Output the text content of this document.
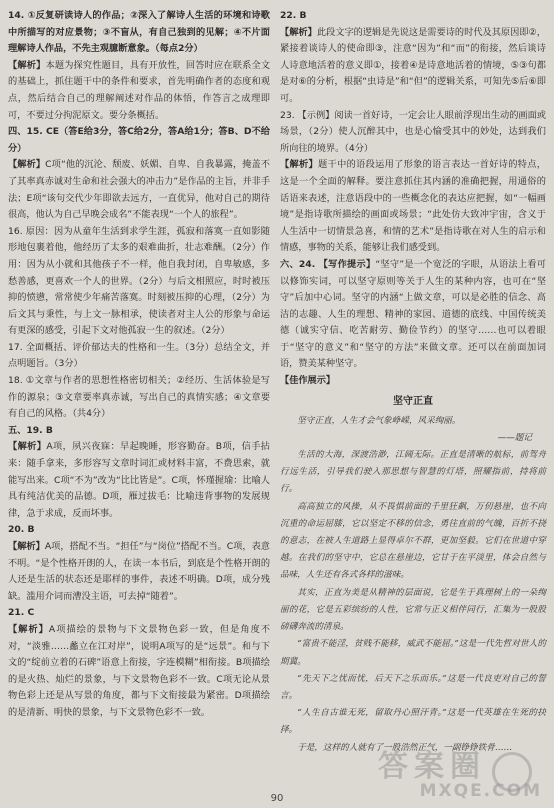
14. ①反复研读诗人的作品；②深入了解诗人生活的环境和诗歌中所描写的对应景物；③不盲从，有自己独到的见解；④不片面理解诗人作品，不先主观臆断意象。（每点2分）

【解析】本题为探究性题目，具有开放性，回答时应在联系全文的基础上，抓住题干中的条件和要求，首先明确作者的态度和观点，然后结合自己的理解阐述对作品的体悟，作答言之成理即可，不要过分拘泥原文。要分条概括。

四、15. CE（答E给3分，答C给2分，答A给1分；答B、D不给分）

【解析】C项“他的沉沦、颓废、妖媚、自卑、自我暴露，掩盖不了其率真赤诚对生命和社会强大的冲击力”是作品的主旨，并非手法；E项“该句交代少年即欲去远方，一直优异，他对自己的期待很高，他认为自己早晚会成名”不能表现“一个人的旅程”。

16. 原因：因为从童年生活到求学生涯，孤寂和落寞一直如影随形地包裹着他，他经历了太多的艰难曲折，壮志难酬。（2分）作用：因为从小就和其他孩子不一样，他自我封闭，自卑敏感，多愁善感，更喜欢一个人的世界。（2分）与后文相照应，时时被压抑的愤懑，常常使少年痛苦落寞。时刻被压抑的心理，（2分）为后文其与秉性，与上文一脉相承，使读者对主人公的形象与命运有更深的感受，引起下文对他孤寂一生的叙述。（2分）

17. 全面概括、评价郁达夫的性格和一生。（3分）总结全文，并点明题旨。（3分）

18. ①文章与作者的思想性格密切相关；②经历、生活体验是写作的源泉；③文章要率真赤诚，写出自己的真情实感；④文章要有自己的风格。（共4分）

五、19. B

【解析】A项，夙兴夜寐：早起晚睡，形容勤奋。B项，信手拈来：随手拿来，多形容写文章时词汇或材料丰富，不费思索，就能写出来。C项“不为”改为“比比皆是”。C项，怀瑾握瑜：比喻人具有纯洁优美的品德。D项，雁过拔毛：比喻违背事物的发展规律，急于求成，反而坏事。

20. B

【解析】A项，搭配不当。“担任”与“岗位”搭配不当。C项，表意不明。“是个性格开朗的人，在读一本书后，到底是个性格开朗的人还是生活的状态还是耶样的事件，表述不明确。D项，成分残缺。滥用介词而漕没主语，可去掉“随着”。

21. C

【解析】A项描绘的景物与下文景物色彩一致，但是角度不对，“淡雅……蠡立在江对岸”，说明A项写的是“远景”。和与下文的“绽前立着的石碑”语意上衔接，字连模糊”相衔接。B项描绘的是火热、灿烂的景象，与下文景物色彩不一致。C项无论从景物色彩上还是从写景的角度，都与下文衔接最为紧密。D项描绘的是清新、明快的景象，与下文景物色彩不一致。

22. B

【解析】此段文字的逻辑是先说这是需要诗的时代及其原因即②，紧接着谈诗人的使命即③，注意“因为”和“而”的衔接，然后谈诗人诗意地活着的意义即①，接着④是诗意地活着的情境，⑤③句都是对⑥的分析，根据“虫诗是”和“但”的逻辑关系，可知先⑤后⑥即可。

23. 【示例】阅读一首好诗，一定会让人眼前浮现出生动的画面或场景，（2分）使人沉醉其中，也是心愉受其中的妙处，达到我们所向往的境界。（4分）

【解析】题干中的语段运用了形象的语言表达一首好诗的特点，这是一个全面的解释。要注意抓住其内涵的准确把握，用通俗的话语来表述，注意语段中的一些概念化的表达应把握，如“一幅画境”是指诗歌所描绘的画面或场景；“此处仿大致冲宇宙，含义于人生活中一切情景急喜，和情的艺术”是指诗歌在对人生的启示和情感，事物的关系，能够让我们感受到。

六、24. 【写作提示】“坚守”是一个宽泛的字眼，从语法上看可以修饰实词，可以坚守原则等关于人生的某种内容，也可在“坚守”后加中心词。坚守的内涵“上做文章，可以是必胜的信念、高洁的志趣、人生的理想、精神的家园、道德的底线、中国传统美德（诚实守信、吃苦耐劳、勤俭节约）的坚守……也可以着眼于“坚守的意义”和“坚守的方法”来做文章。还可以在前面加词语，赞美某种坚守。

【佳作展示】

坚守正直

坚守正直，人生才会气象峥嵘，风采绚丽。

——题记

生活的大海，深渡浩渺，江阔无际。正直是清晰的航标，前驾舟行远生活，引导我们驶入那思想与智慧的灯塔，照耀指前，持将前行。

高高独立的风操，从不畏惧前面的千里狂飙，万仞悬崖，也不向沉重的命运屈膝，它以坚定不移的信念，勇往直前的气魄，百折不挠的意志，在被人生道路上显得卓尔不群，更加坚毅。它们在世道中穿越。在我们的坚守中，它总在悬崖边，它甘于在平淡里，体会自然与品味，人生还有各式各样的滋味。

其实，正直为美是从精神的层面说，它是生于真理树上的一朵绚丽的花，它是五彩缤纷的人性，它常与正义相伴同行，汇集为一股股磅礴奔流的清泉。

“富贵不能淫，贫贱不能移，威武不能屈。”这是一代先哲对世人的期冀。

“先天下之忧而忧，后天下之乐而乐。”这是一代良吏对自己的誓言。

“人生自古谁无死，留取丹心照汗青。”这是一代英雄在生死的抉择。

于是，这样的人就有了一股浩然正气，一副铮铮铁骨……

答案圈
MXQE.COM
90
